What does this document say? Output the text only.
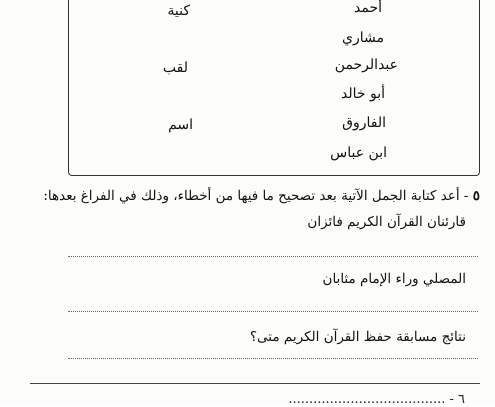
أحمد
كنية
مشاري
عبدالرحمن
لقب
أبو خالد
الفاروق
اسم
ابن عباس
٥ - أعد كتابة الجمل الآتية بعد تصحيح ما فيها من أخطاء، وذلك في الفراغ بعدها:
قارئنان القرآن الكريم فائزان
المصلي وراء الإمام مثابان
نتائج مسابقة حفظ القرآن الكريم متى؟
٦ - ......................................
